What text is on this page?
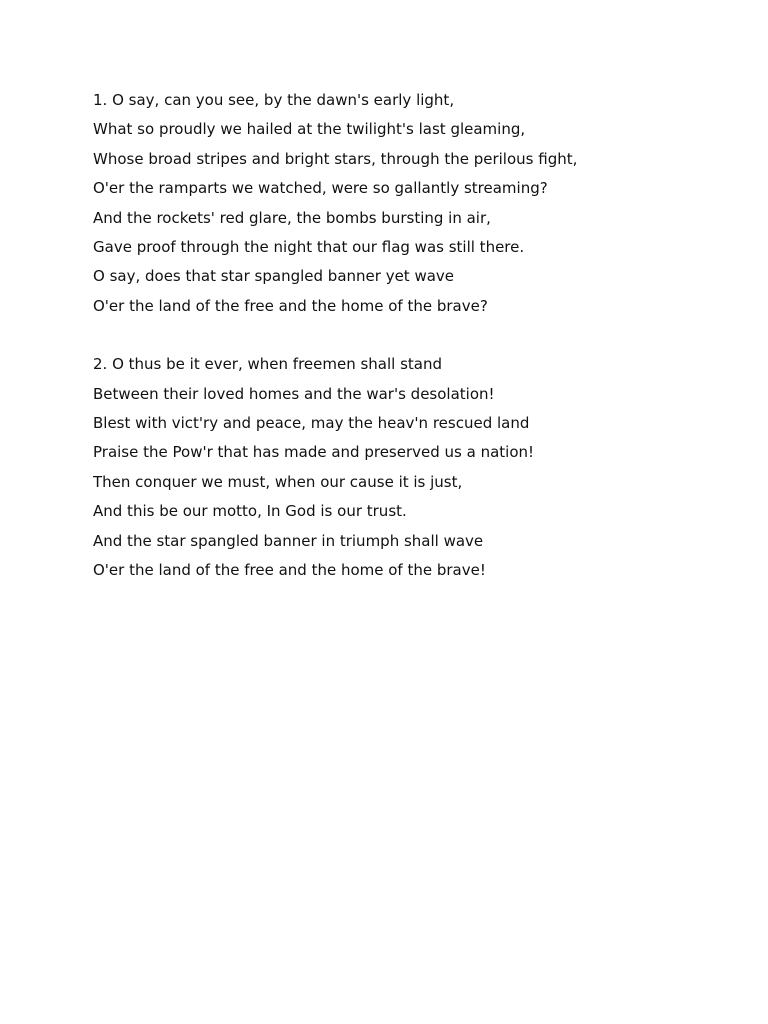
1. O say, can you see, by the dawn's early light,
What so proudly we hailed at the twilight's last gleaming,
Whose broad stripes and bright stars, through the perilous fight,
O'er the ramparts we watched, were so gallantly streaming?
And the rockets' red glare, the bombs bursting in air,
Gave proof through the night that our flag was still there.
O say, does that star spangled banner yet wave
O'er the land of the free and the home of the brave?

2. O thus be it ever, when freemen shall stand
Between their loved homes and the war's desolation!
Blest with vict'ry and peace, may the heav'n rescued land
Praise the Pow'r that has made and preserved us a nation!
Then conquer we must, when our cause it is just,
And this be our motto, In God is our trust.
And the star spangled banner in triumph shall wave
O'er the land of the free and the home of the brave!
